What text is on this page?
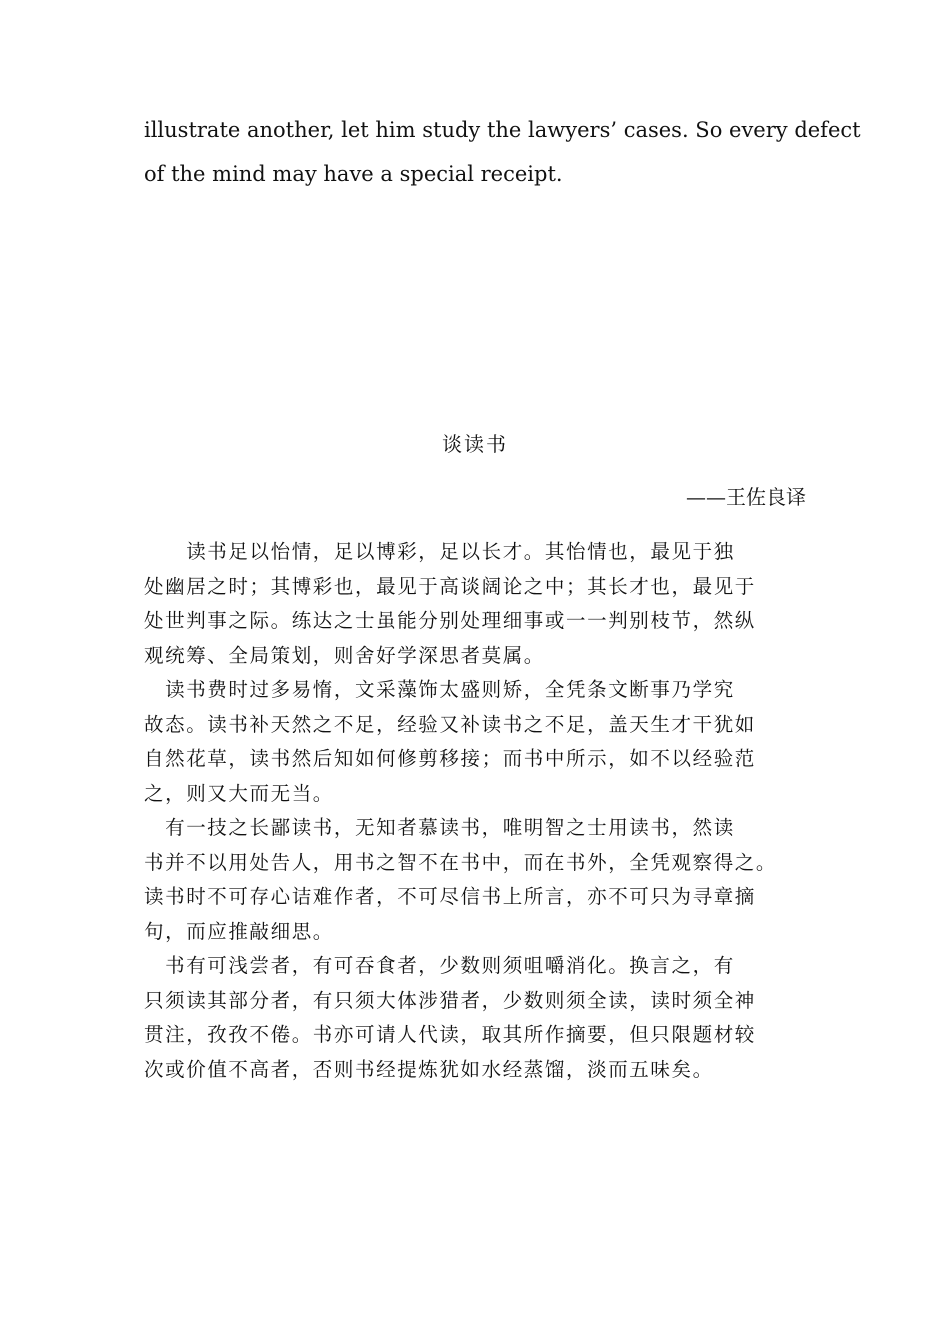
illustrate another, let him study the lawyers’ cases. So every defect
of the mind may have a special receipt.
谈读书
——王佐良译
　　读书足以怡情，足以博彩，足以长才。其怡情也，最见于独
处幽居之时；其博彩也，最见于高谈阔论之中；其长才也，最见于
处世判事之际。练达之士虽能分别处理细事或一一判别枝节，然纵
观统筹、全局策划，则舍好学深思者莫属。
　读书费时过多易惰，文采藻饰太盛则矫，全凭条文断事乃学究
故态。读书补天然之不足，经验又补读书之不足，盖天生才干犹如
自然花草，读书然后知如何修剪移接；而书中所示，如不以经验范
之，则又大而无当。
　有一技之长鄙读书，无知者慕读书，唯明智之士用读书，然读
书并不以用处告人，用书之智不在书中，而在书外，全凭观察得之。
读书时不可存心诘难作者，不可尽信书上所言，亦不可只为寻章摘
句，而应推敲细思。
　书有可浅尝者，有可吞食者，少数则须咀嚼消化。换言之，有
只须读其部分者，有只须大体涉猎者，少数则须全读，读时须全神
贯注，孜孜不倦。书亦可请人代读，取其所作摘要，但只限题材较
次或价值不高者，否则书经提炼犹如水经蒸馏，淡而五味矣。
